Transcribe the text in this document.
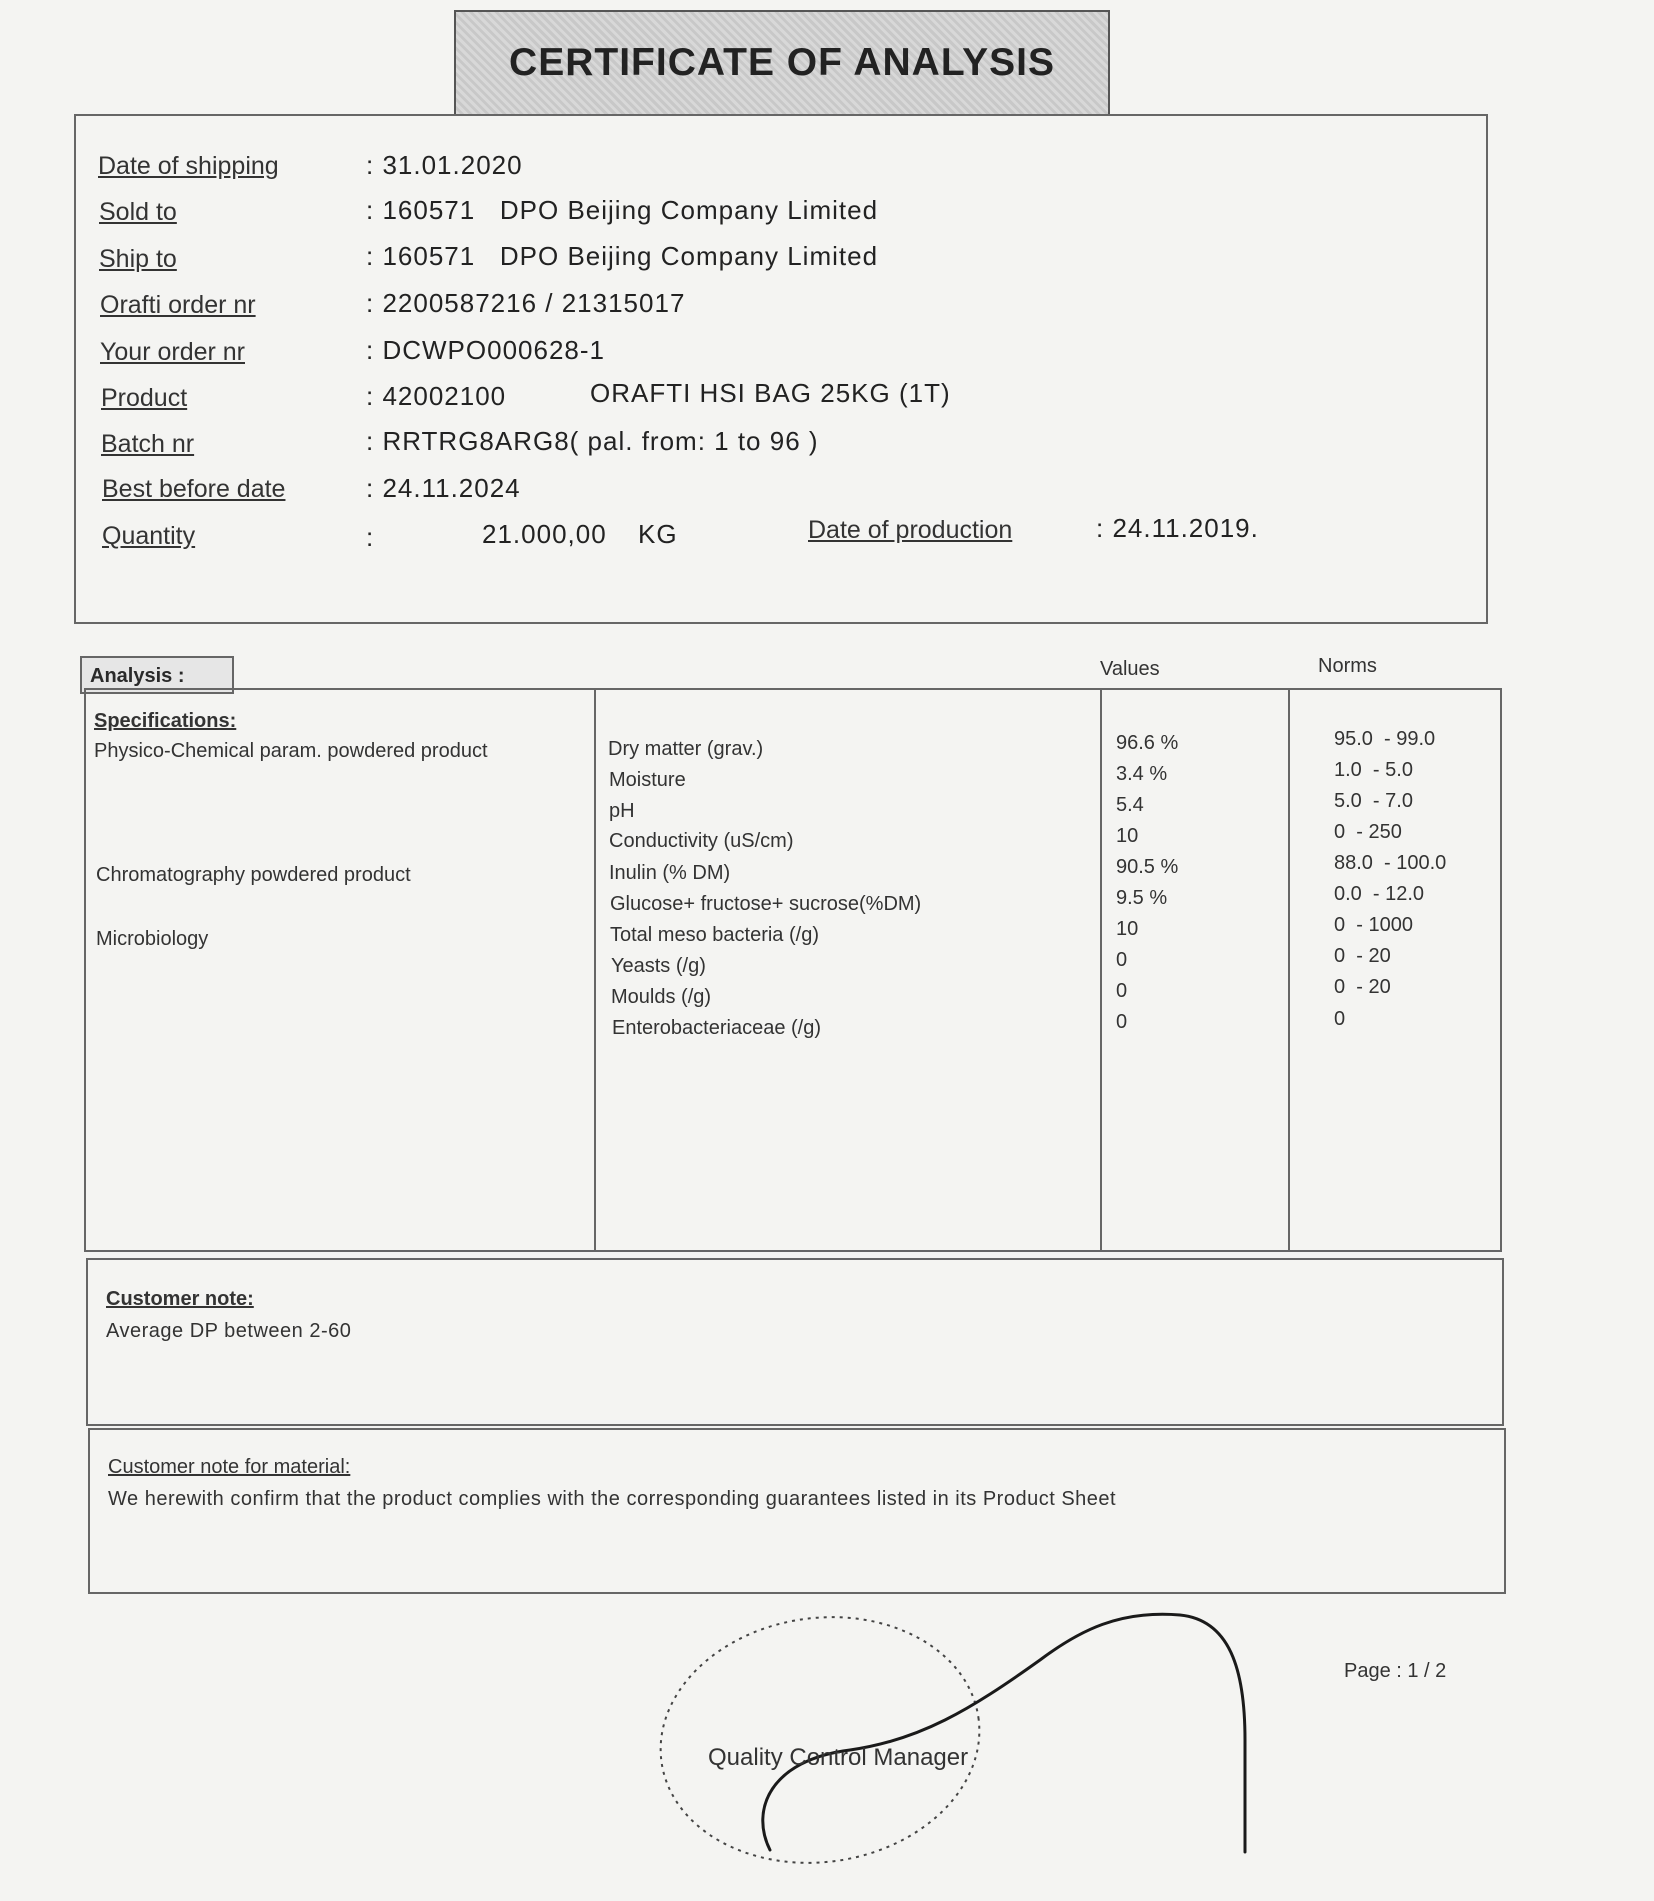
CERTIFICATE OF ANALYSIS
Date of shipping	: 31.01.2020
Sold to	: 160571   DPO Beijing Company Limited
Ship to	: 160571   DPO Beijing Company Limited
Orafti order nr	: 2200587216 / 21315017
Your order nr	: DCWPO000628-1
Product	: 42002100	ORAFTI HSI BAG 25KG (1T)
Batch nr	: RRTRG8ARG8( pal. from: 1 to 96 )
Best before date	: 24.11.2024
Quantity	:	21.000,00 KG	Date of production	: 24.11.2019.
Analysis :	Values	Norms
Specifications:
Physico-Chemical param. powdered product
Chromatography powdered product
Microbiology
Dry matter (grav.)	96.6 %	95.0  - 99.0
Moisture	3.4 %	1.0  - 5.0
pH	5.4	5.0  - 7.0
Conductivity (uS/cm)	10	0  - 250
Inulin (% DM)	90.5 %	88.0  - 100.0
Glucose+ fructose+ sucrose(%DM)	9.5 %	0.0  - 12.0
Total meso bacteria (/g)	10	0  - 1000
Yeasts (/g)	0	0  - 20
Moulds (/g)	0	0  - 20
Enterobacteriaceae (/g)	0	0
Customer note:
Average DP between 2-60
Customer note for material:
We herewith confirm that the product complies with the corresponding guarantees listed in its Product Sheet
Page : 1 / 2
Quality Control Manager
